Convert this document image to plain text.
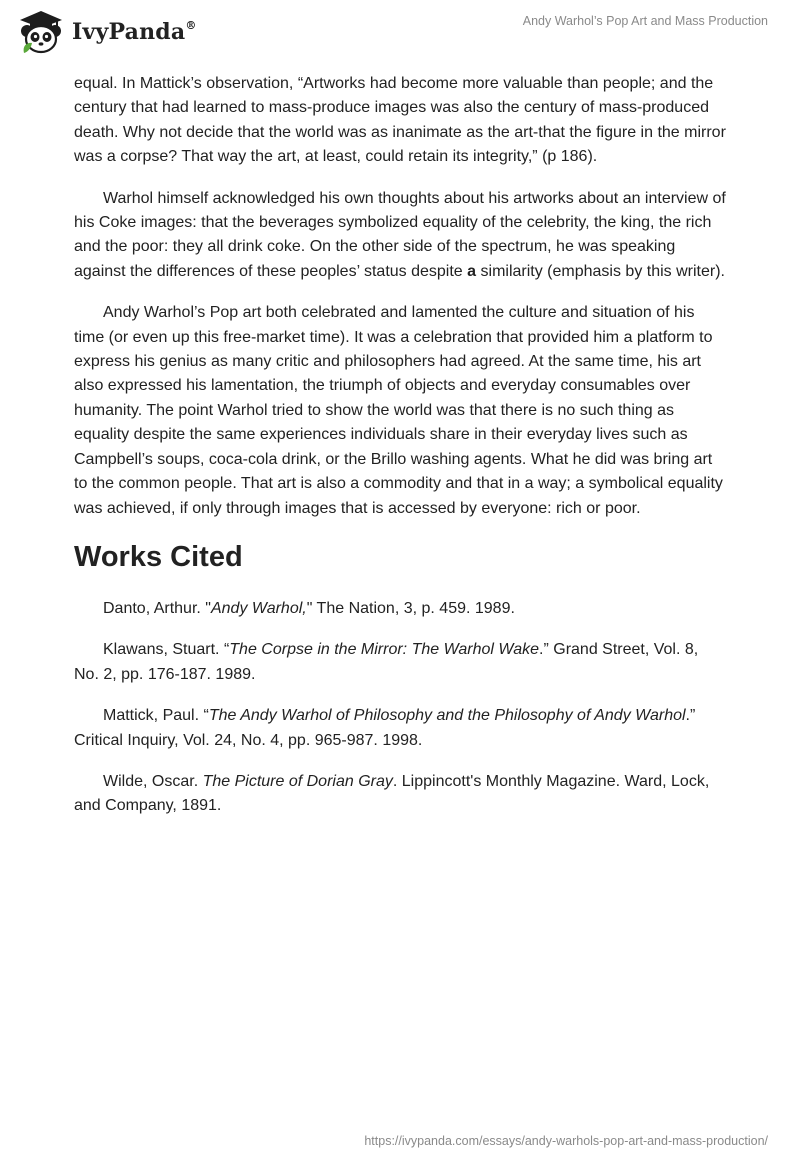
IvyPanda®	Andy Warhol’s Pop Art and Mass Production

equal. In Mattick’s observation, “Artworks had become more valuable than people; and the century that had learned to mass-produce images was also the century of mass-produced death. Why not decide that the world was as inanimate as the art-that the figure in the mirror was a corpse? That way the art, at least, could retain its integrity,” (p 186).

Warhol himself acknowledged his own thoughts about his artworks about an interview of his Coke images: that the beverages symbolized equality of the celebrity, the king, the rich and the poor: they all drink coke. On the other side of the spectrum, he was speaking against the differences of these peoples’ status despite a similarity (emphasis by this writer).

Andy Warhol’s Pop art both celebrated and lamented the culture and situation of his time (or even up this free-market time). It was a celebration that provided him a platform to express his genius as many critic and philosophers had agreed. At the same time, his art also expressed his lamentation, the triumph of objects and everyday consumables over humanity. The point Warhol tried to show the world was that there is no such thing as equality despite the same experiences individuals share in their everyday lives such as Campbell’s soups, coca-cola drink, or the Brillo washing agents. What he did was bring art to the common people. That art is also a commodity and that in a way; a symbolical equality was achieved, if only through images that is accessed by everyone: rich or poor.

Works Cited

Danto, Arthur. "Andy Warhol," The Nation, 3, p. 459. 1989.

Klawans, Stuart. “The Corpse in the Mirror: The Warhol Wake.” Grand Street, Vol. 8, No. 2, pp. 176-187. 1989.

Mattick, Paul. “The Andy Warhol of Philosophy and the Philosophy of Andy Warhol.” Critical Inquiry, Vol. 24, No. 4, pp. 965-987. 1998.

Wilde, Oscar. The Picture of Dorian Gray. Lippincott's Monthly Magazine. Ward, Lock, and Company, 1891.

https://ivypanda.com/essays/andy-warhols-pop-art-and-mass-production/
